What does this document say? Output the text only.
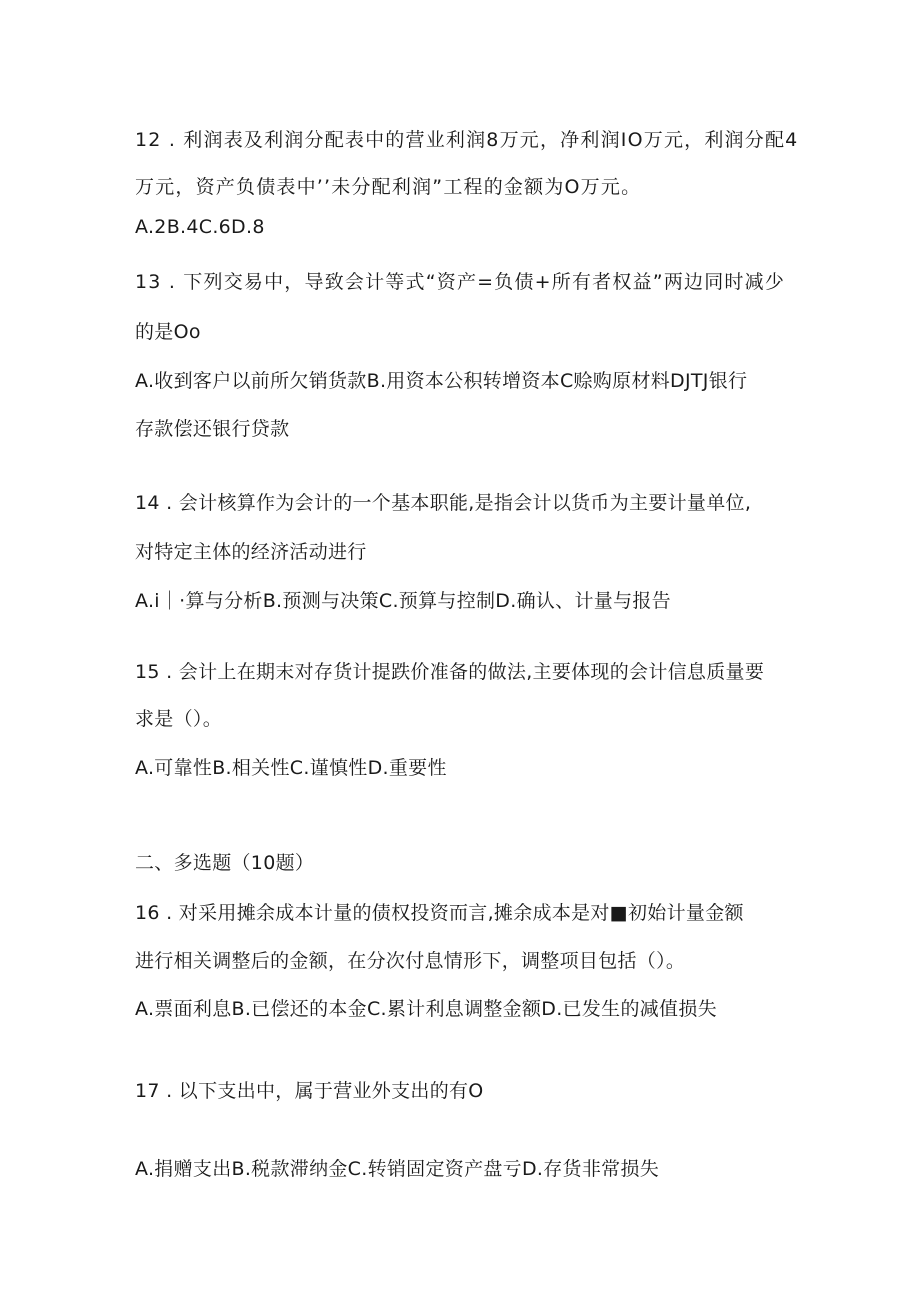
12 . 利润表及利润分配表中的营业利润8万元，净利润IO万元，利润分配4
万元，资产负债表中’’未分配利润”工程的金额为O万元。
A.2B.4C.6D.8
13 . 下列交易中，导致会计等式“资产=负债+所有者权益”两边同时减少
的是Oo
A.收到客户以前所欠销货款B.用资本公积转增资本C赊购原材料DJTJ银行
存款偿还银行贷款
14 . 会计核算作为会计的一个基本职能,是指会计以货币为主要计量单位,
对特定主体的经济活动进行
A.i｜·算与分析B.预测与决策C.预算与控制D.确认、计量与报告
15 . 会计上在期末对存货计提跌价准备的做法,主要体现的会计信息质量要
求是（）。
A.可靠性B.相关性C.谨慎性D.重要性
二、多选题（10题）
16 . 对采用摊余成本计量的债权投资而言,摊余成本是对■初始计量金额
进行相关调整后的金额，在分次付息情形下，调整项目包括（）。
A.票面利息B.已偿还的本金C.累计利息调整金额D.已发生的减值损失
17 . 以下支出中，属于营业外支出的有O
A.捐赠支出B.税款滞纳金C.转销固定资产盘亏D.存货非常损失
